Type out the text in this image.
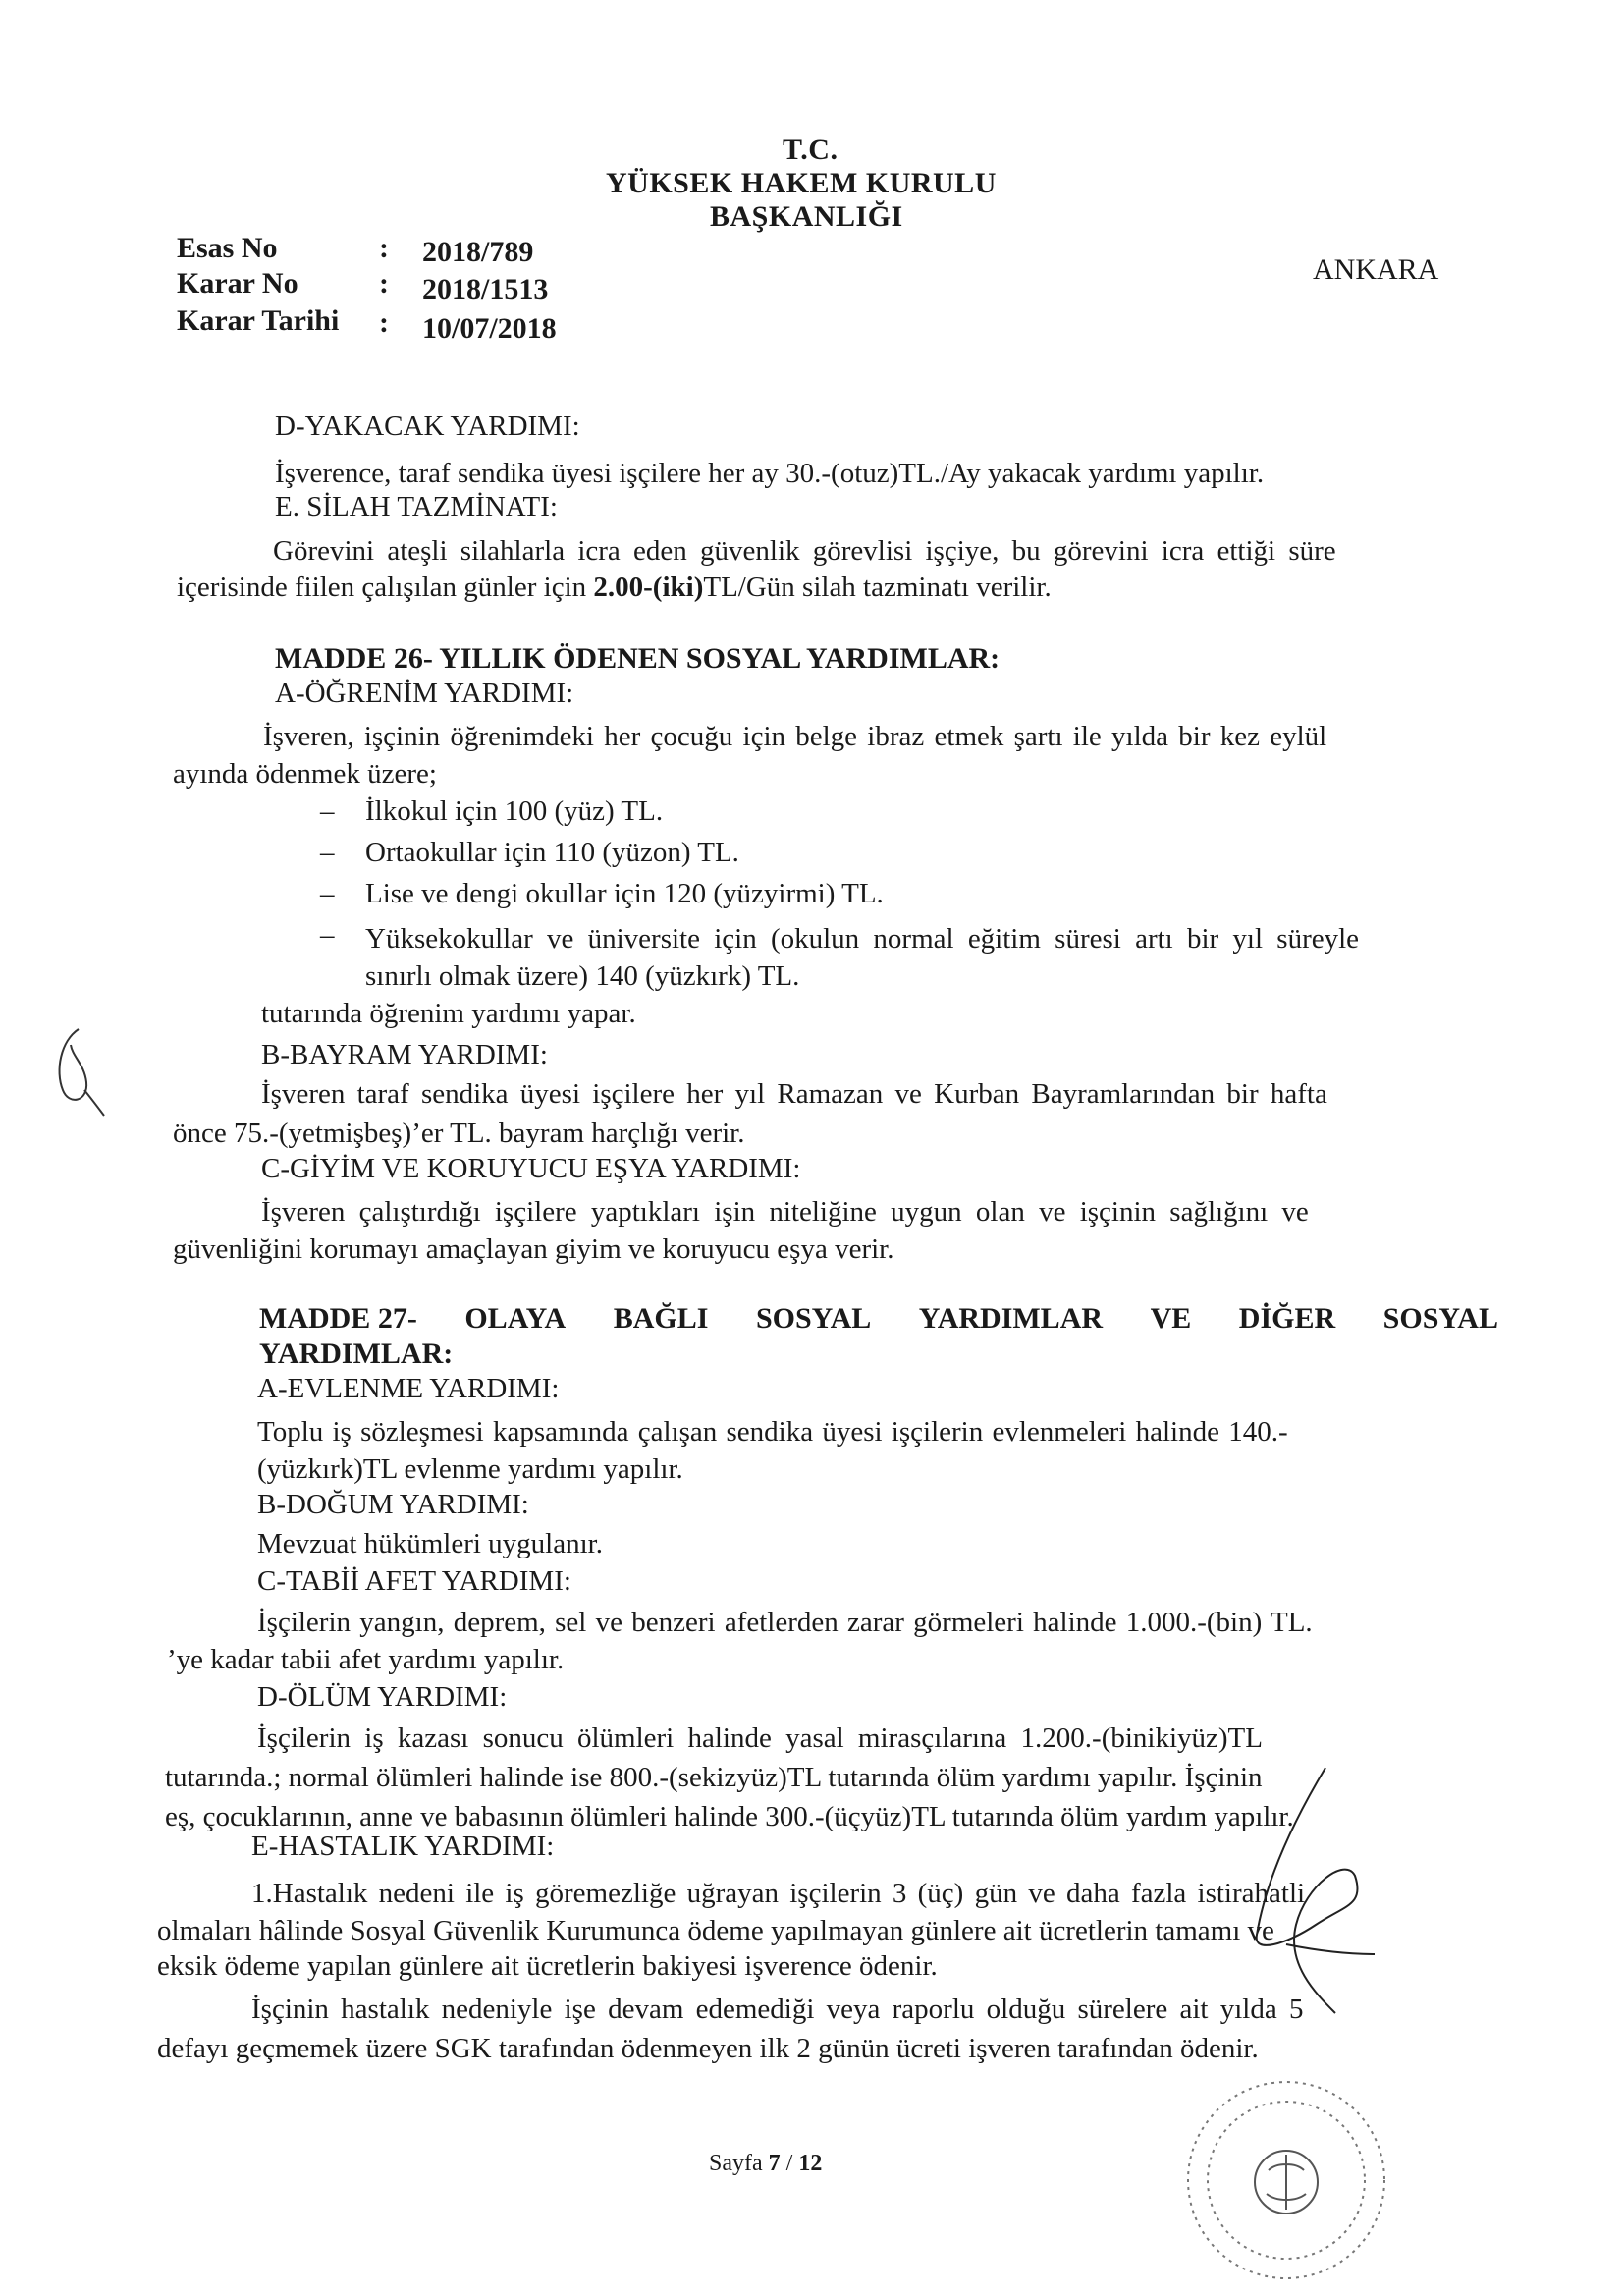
T.C.
YÜKSEK HAKEM KURULU
BAŞKANLIĞI
ANKARA
Esas No	: 2018/789
Karar No	: 2018/1513
Karar Tarihi : 10/07/2018
D-YAKACAK YARDIMI:
İşverence, taraf sendika üyesi işçilere her ay 30.-(otuz)TL./Ay yakacak yardımı yapılır.
E. SİLAH TAZMİNATI:
Görevini ateşli silahlarla icra eden güvenlik görevlisi işçiye, bu görevini icra ettiği süre
içerisinde fiilen çalışılan günler için 2.00-(iki)TL/Gün silah tazminatı verilir.
MADDE 26- YILLIK ÖDENEN SOSYAL YARDIMLAR:
A-ÖĞRENİM YARDIMI:
İşveren, işçinin öğrenimdeki her çocuğu için belge ibraz etmek şartı ile yılda bir kez eylül
ayında ödenmek üzere;
– İlkokul için 100 (yüz) TL.
– Ortaokullar için 110 (yüzon) TL.
– Lise ve dengi okullar için 120 (yüzyirmi) TL.
– Yüksekokullar ve üniversite için (okulun normal eğitim süresi artı bir yıl süreyle
sınırlı olmak üzere) 140 (yüzkırk) TL.
tutarında öğrenim yardımı yapar.
B-BAYRAM YARDIMI:
İşveren taraf sendika üyesi işçilere her yıl Ramazan ve Kurban Bayramlarından bir hafta
önce 75.-(yetmişbeş)’er TL. bayram harçlığı verir.
C-GİYİM VE KORUYUCU EŞYA YARDIMI:
İşveren çalıştırdığı işçilere yaptıkları işin niteliğine uygun olan ve işçinin sağlığını ve
güvenliğini korumayı amaçlayan giyim ve koruyucu eşya verir.
MADDE 27- OLAYA BAĞLI SOSYAL YARDIMLAR VE DİĞER SOSYAL
YARDIMLAR:
A-EVLENME YARDIMI:
Toplu iş sözleşmesi kapsamında çalışan sendika üyesi işçilerin evlenmeleri halinde 140.-
(yüzkırk)TL evlenme yardımı yapılır.
B-DOĞUM YARDIMI:
Mevzuat hükümleri uygulanır.
C-TABİİ AFET YARDIMI:
İşçilerin yangın, deprem, sel ve benzeri afetlerden zarar görmeleri halinde 1.000.-(bin) TL.
’ye kadar tabii afet yardımı yapılır.
D-ÖLÜM YARDIMI:
İşçilerin iş kazası sonucu ölümleri halinde yasal mirasçılarına 1.200.-(binikiyüz)TL
tutarında.; normal ölümleri halinde ise 800.-(sekizyüz)TL tutarında ölüm yardımı yapılır. İşçinin
eş, çocuklarının, anne ve babasının ölümleri halinde 300.-(üçyüz)TL tutarında ölüm yardım yapılır.
E-HASTALIK YARDIMI:
1.Hastalık nedeni ile iş göremezliğe uğrayan işçilerin 3 (üç) gün ve daha fazla istirahatli
olmaları hâlinde Sosyal Güvenlik Kurumunca ödeme yapılmayan günlere ait ücretlerin tamamı ve
eksik ödeme yapılan günlere ait ücretlerin bakiyesi işverence ödenir.
İşçinin hastalık nedeniyle işe devam edemediği veya raporlu olduğu sürelere ait yılda 5
defayı geçmemek üzere SGK tarafından ödenmeyen ilk 2 günün ücreti işveren tarafından ödenir.
Sayfa 7 / 12
